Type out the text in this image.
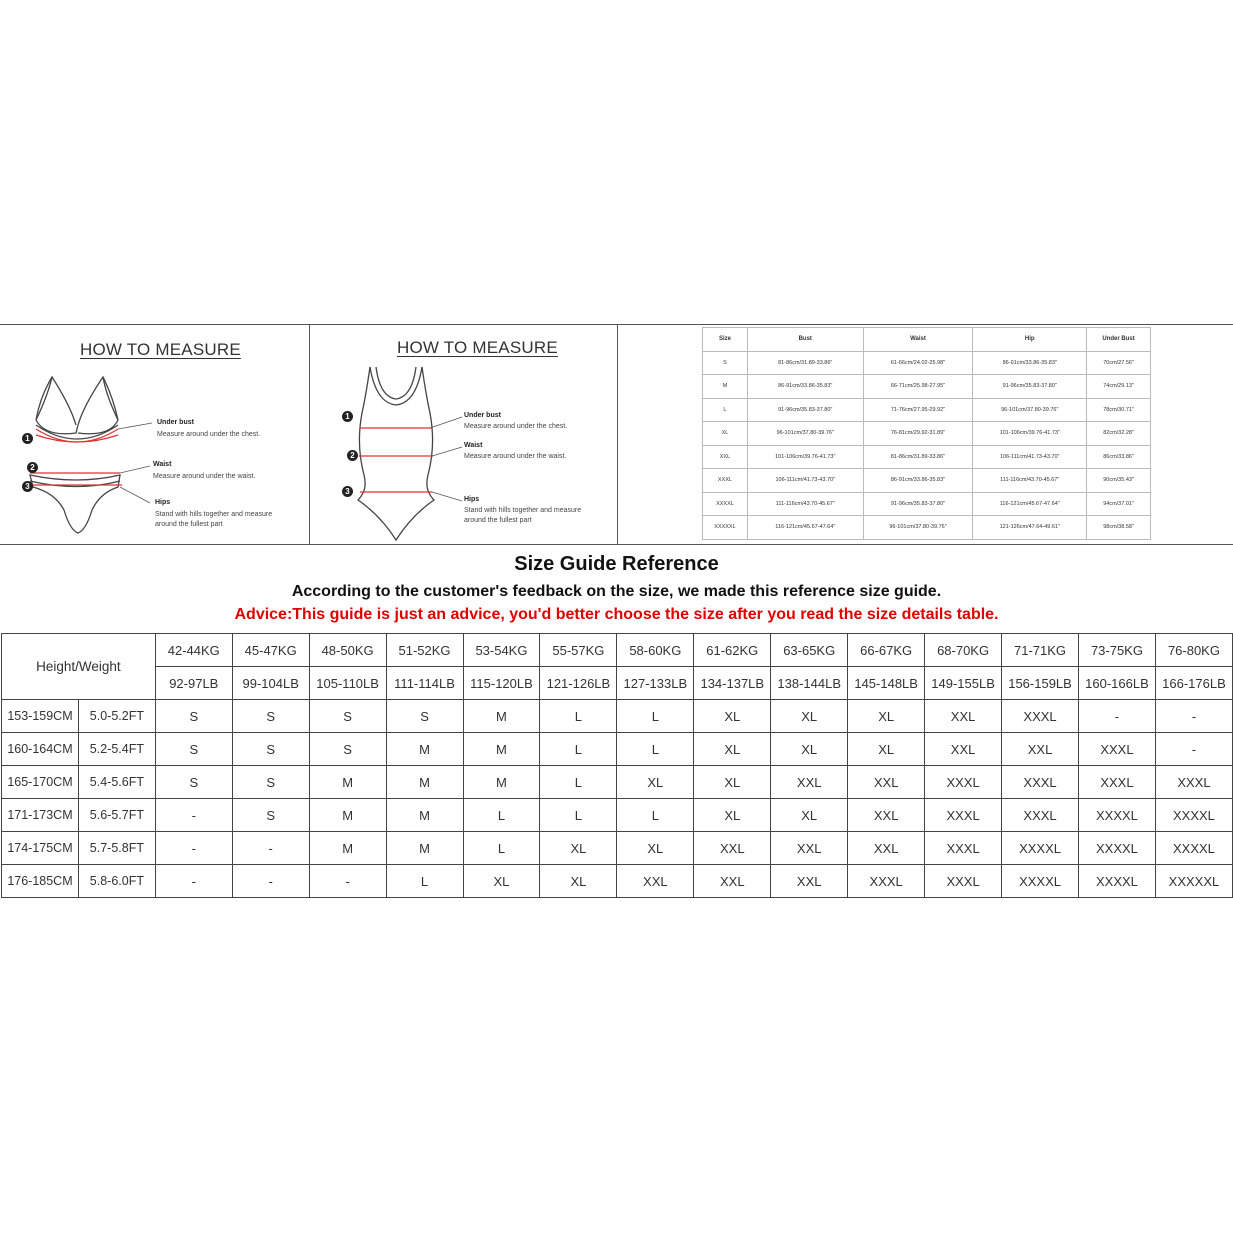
HOW TO MEASURE
1
2
3
Under bust
Measure around under the chest.
Waist
Measure around under the waist.
Hips
Stand with hills together and measure
around the fullest part
HOW TO MEASURE
1
2
3
Under bust
Measure around under the chest.
Waist
Measure around under the waist.
Hips
Stand with hills together and measure
around the fullest part
Size	Bust	Waist	Hip	Under Bust
S	81-86cm/31.89-33.86"	61-66cm/24.02-25.98"	86-91cm/33.86-35.83"	70cm/27.56"
M	86-91cm/33.86-35.83"	66-71cm/25.98-27.95"	91-96cm/35.83-37.80"	74cm/29.13"
L	91-96cm/35.83-37.80"	71-76cm/27.95-29.92"	96-101cm/37.80-39.76"	78cm/30.71"
XL	96-101cm/37.80-39.76"	76-81cm/29.92-31.89"	101-106cm/39.76-41.73"	82cm/32.28"
XXL	101-106cm/39.76-41.73"	81-86cm/31.89-33.86"	106-111cm/41.73-43.70"	86cm/33.86"
XXXL	106-111cm/41.73-43.70"	86-91cm/33.86-35.83"	111-116cm/43.70-45.67"	90cm/35.43"
XXXXL	111-116cm/43.70-45.67"	91-96cm/35.83-37.80"	116-121cm/45.67-47.64"	94cm/37.01"
XXXXXL	116-121cm/45.67-47.64"	96-101cm/37.80-39.76"	121-126cm/47.64-49.61"	98cm/38.58"
Size Guide Reference
According to the customer's feedback on the size, we made this reference size guide.
Advice:This guide is just an advice, you'd better choose the size after you read the size details table.
Height/Weight		42-44KG	45-47KG	48-50KG	51-52KG	53-54KG	55-57KG	58-60KG	61-62KG	63-65KG	66-67KG	68-70KG	71-71KG	73-75KG	76-80KG
		92-97LB	99-104LB	105-110LB	111-114LB	115-120LB	121-126LB	127-133LB	134-137LB	138-144LB	145-148LB	149-155LB	156-159LB	160-166LB	166-176LB
153-159CM	5.0-5.2FT	S	S	S	S	M	L	L	XL	XL	XL	XXL	XXXL	-	-
160-164CM	5.2-5.4FT	S	S	S	M	M	L	L	XL	XL	XL	XXL	XXL	XXXL	-
165-170CM	5.4-5.6FT	S	S	M	M	M	L	XL	XL	XXL	XXL	XXXL	XXXL	XXXL	XXXL
171-173CM	5.6-5.7FT	-	S	M	M	L	L	L	XL	XL	XXL	XXXL	XXXL	XXXXL	XXXXL
174-175CM	5.7-5.8FT	-	-	M	M	L	XL	XL	XXL	XXL	XXL	XXXL	XXXXL	XXXXL	XXXXL
176-185CM	5.8-6.0FT	-	-	-	L	XL	XL	XXL	XXL	XXL	XXXL	XXXL	XXXXL	XXXXL	XXXXXL
